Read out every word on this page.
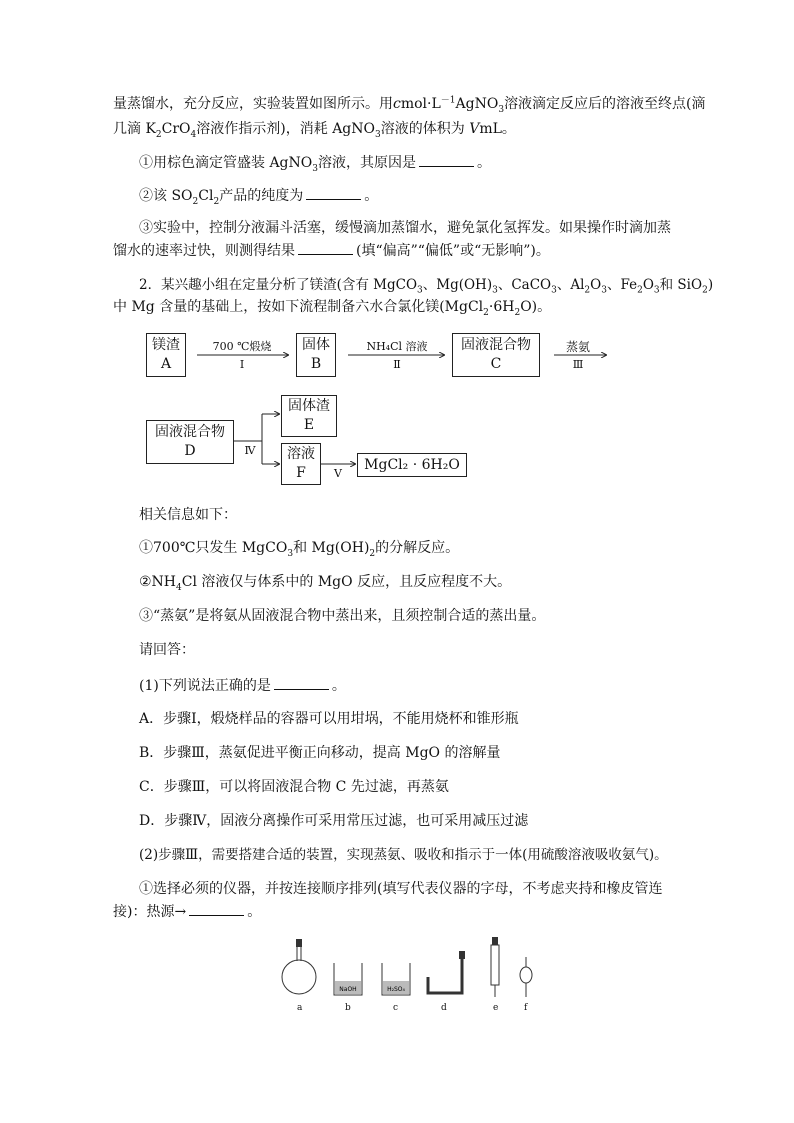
量蒸馏水，充分反应，实验装置如图所示。用$cmol\cdot L^{-1}AgNO_3$溶液滴定反应后的溶液至终点(滴
几滴 $K_2CrO_4$溶液作指示剂)，消耗 AgNO$_3$溶液的体积为 VmL。
①用棕色滴定管盛装 AgNO$_3$溶液，其原因是	。
②该 $SO_2Cl_2$产品的纯度为	。
③实验中，控制分液漏斗活塞，缓慢滴加蒸馏水，避免氯化氢挥发。如果操作时滴加蒸
馏水的速率过快，则测得结果	(填“偏高”“偏低”或“无影响”)。
2．某兴趣小组在定量分析了镁渣(含有 MgCO$_3$、$Mg(OH)_3$、CaCO$_3$、$Al_2O_3$、$Fe_2O_3$和 SiO$_2$)
中 Mg 含量的基础上，按如下流程制备六水合氯化镁$(MgCl_2\cdot 6H_2O)$。
镁渣
A
固体
B
固液混合物
C
固液混合物
D
固体渣
E
溶液
F
MgCl₂ · 6H₂O
700 ℃煅烧
I
NH₄Cl 溶液
Ⅱ
蒸氨
Ⅲ
Ⅳ
Ⅴ
相关信息如下：
①700℃只发生 MgCO$_3$和 $Mg(OH)_2$的分解反应。
$②NH_4Cl$ 溶液仅与体系中的 MgO 反应，且反应程度不大。
③“蒸氨”是将氨从固液混合物中蒸出来，且须控制合适的蒸出量。
请回答：
(1)下列说法正确的是	。
A．步骤Ⅰ，煅烧样品的容器可以用坩埚，不能用烧杯和锥形瓶
B．步骤Ⅲ，蒸氨促进平衡正向移动，提高 MgO 的溶解量
C．步骤Ⅲ，可以将固液混合物 C 先过滤，再蒸氨
D．步骤Ⅳ，固液分离操作可采用常压过滤，也可采用减压过滤
(2)步骤Ⅲ，需要搭建合适的装置，实现蒸氨、吸收和指示于一体(用硫酸溶液吸收氨气)。
①选择必须的仪器，并按连接顺序排列(填写代表仪器的字母，不考虑夹持和橡皮管连
接)：热源→	。
NaOH	H₂SO₄
a	b	c	d	e	f
